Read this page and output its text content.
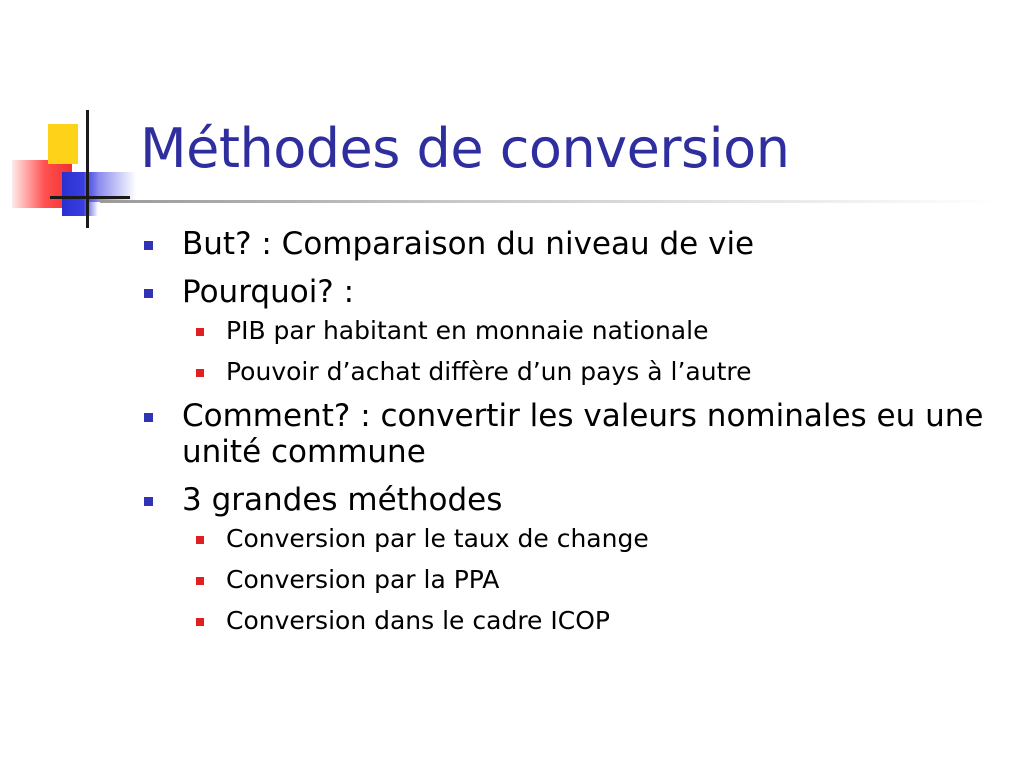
Méthodes de conversion
But? : Comparaison du niveau de vie
Pourquoi? :
PIB par habitant en monnaie nationale
Pouvoir d’achat diffère d’un pays à l’autre
Comment? : convertir les valeurs nominales eu une unité commune
3 grandes méthodes
Conversion par le taux de change
Conversion par la PPA
Conversion dans le cadre ICOP
